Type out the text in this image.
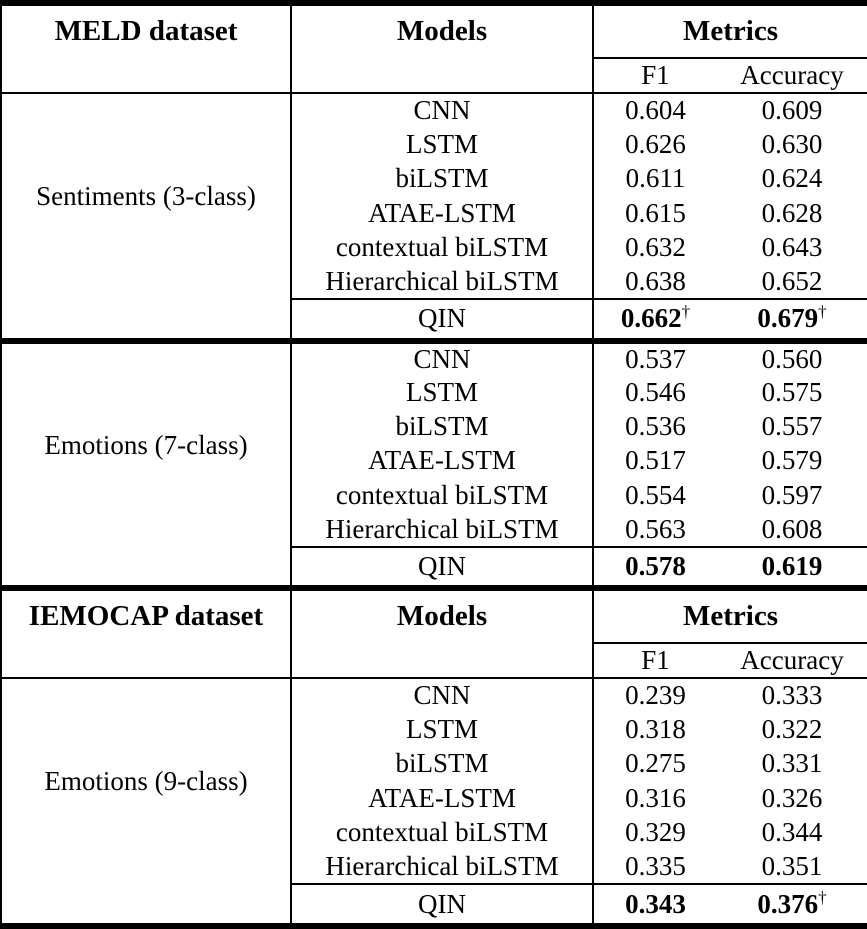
MELD dataset	Models	Metrics	
		F1	Accuracy
Sentiments (3-class)	CNN	0.604	0.609
	LSTM	0.626	0.630
	biLSTM	0.611	0.624
	ATAE-LSTM	0.615	0.628
	contextual biLSTM	0.632	0.643
	Hierarchical biLSTM	0.638	0.652
	QIN	0.662†	0.679†
Emotions (7-class)	CNN	0.537	0.560
	LSTM	0.546	0.575
	biLSTM	0.536	0.557
	ATAE-LSTM	0.517	0.579
	contextual biLSTM	0.554	0.597
	Hierarchical biLSTM	0.563	0.608
	QIN	0.578	0.619
IEMOCAP dataset	Models	Metrics	
		F1	Accuracy
Emotions (9-class)	CNN	0.239	0.333
	LSTM	0.318	0.322
	biLSTM	0.275	0.331
	ATAE-LSTM	0.316	0.326
	contextual biLSTM	0.329	0.344
	Hierarchical biLSTM	0.335	0.351
	QIN	0.343	0.376†
